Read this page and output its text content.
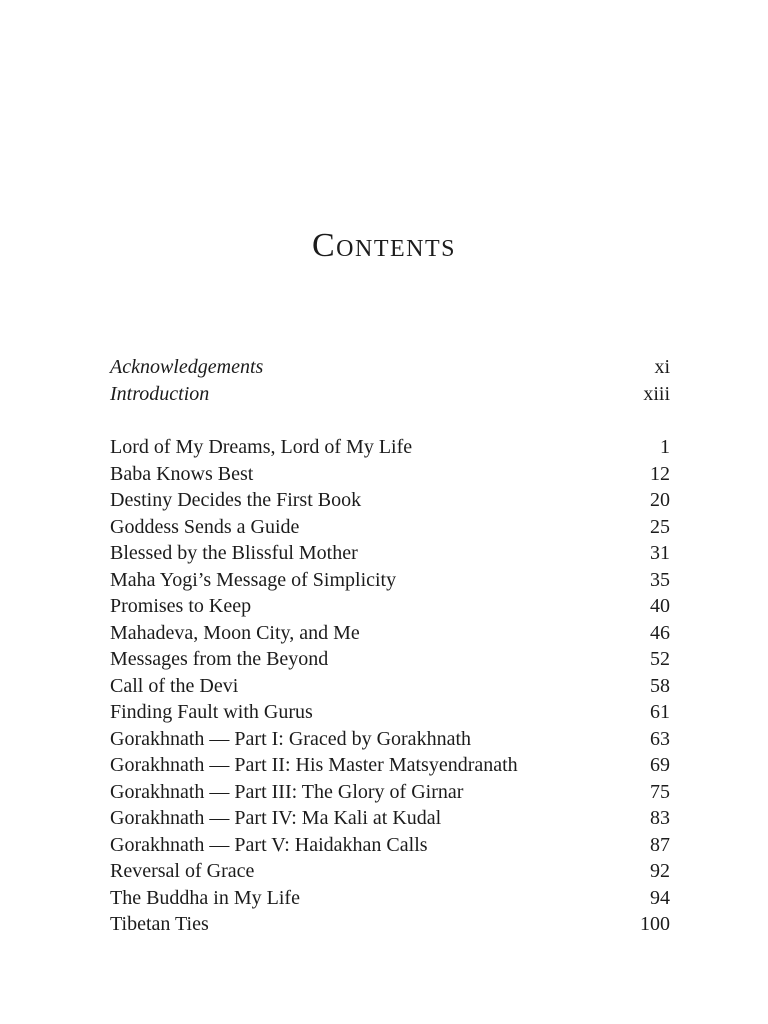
Contents
Acknowledgements	xi
Introduction	xiii
Lord of My Dreams, Lord of My Life	1
Baba Knows Best	12
Destiny Decides the First Book	20
Goddess Sends a Guide	25
Blessed by the Blissful Mother	31
Maha Yogi’s Message of Simplicity	35
Promises to Keep	40
Mahadeva, Moon City, and Me	46
Messages from the Beyond	52
Call of the Devi	58
Finding Fault with Gurus	61
Gorakhnath — Part I: Graced by Gorakhnath	63
Gorakhnath — Part II: His Master Matsyendranath	69
Gorakhnath — Part III: The Glory of Girnar	75
Gorakhnath — Part IV: Ma Kali at Kudal	83
Gorakhnath — Part V: Haidakhan Calls	87
Reversal of Grace	92
The Buddha in My Life	94
Tibetan Ties	100
